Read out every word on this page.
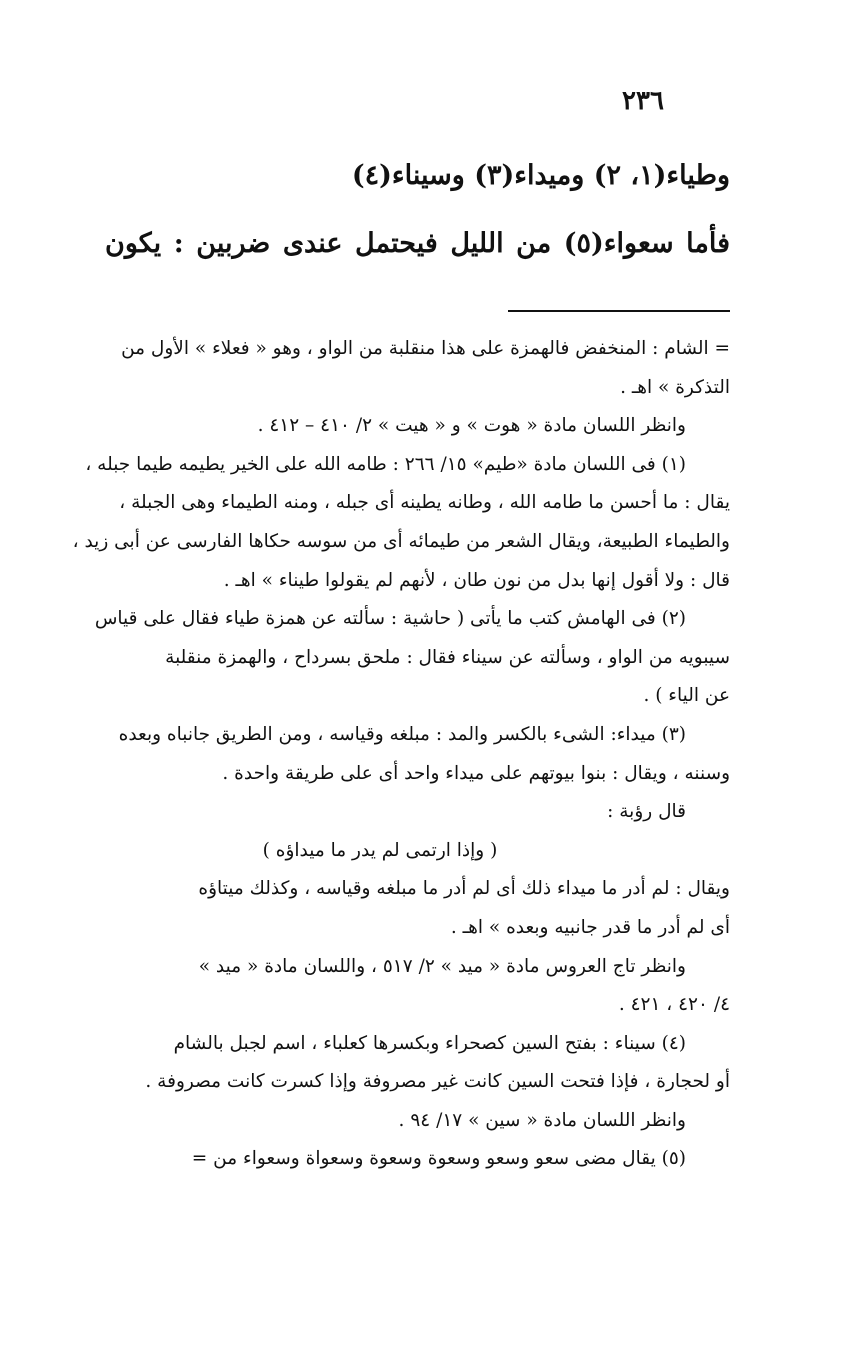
٢٣٦
وطياء(١، ٢) وميداء(٣) وسيناء(٤)
فأما سعواء(٥) من الليل فيحتمل عندى ضربين : يكون
= الشام : المنخفض فالهمزة على هذا منقلبة من الواو ، وهو « فعلاء » الأول من
التذكرة » اهـ .
وانظر اللسان مادة « هوت » و « هيت » ٢/ ٤١٠ – ٤١٢ .
(١) فى اللسان مادة «طيم» ١٥/ ٢٦٦ : طامه الله على الخير يطيمه طيما جبله ،
يقال : ما أحسن ما طامه الله ، وطانه يطينه أى جبله ، ومنه الطيماء وهى الجبلة ،
والطيماء الطبيعة، ويقال الشعر من طيمائه أى من سوسه حكاها الفارسى عن أبى زيد ،
قال : ولا أقول إنها بدل من نون طان ، لأنهم لم يقولوا طيناء » اهـ .
(٢) فى الهامش كتب ما يأتى ( حاشية : سألته عن همزة طياء فقال على قياس
سيبويه من الواو ، وسألته عن سيناء فقال : ملحق بسرداح ، والهمزة منقلبة
عن الياء ) .
(٣) ميداء: الشىء بالكسر والمد : مبلغه وقياسه ، ومن الطريق جانباه وبعده
وسننه ، ويقال : بنوا بيوتهم على ميداء واحد أى على طريقة واحدة .
قال رؤبة :
( وإذا ارتمى لم يدر ما ميداؤه )
ويقال : لم أدر ما ميداء ذلك أى لم أدر ما مبلغه وقياسه ، وكذلك ميتاؤه
أى لم أدر ما قدر جانبيه وبعده » اهـ .
وانظر تاج العروس مادة « ميد » ٢/ ٥١٧ ، واللسان مادة « ميد »
٤/ ٤٢٠ ، ٤٢١ .
(٤) سيناء : بفتح السين كصحراء وبكسرها كعلباء ، اسم لجبل بالشام
أو لحجارة ، فإذا فتحت السين كانت غير مصروفة وإذا كسرت كانت مصروفة .
وانظر اللسان مادة « سين » ١٧/ ٩٤ .
(٥) يقال مضى سعو وسعو وسعوة وسعوة وسعواة وسعواء من =
